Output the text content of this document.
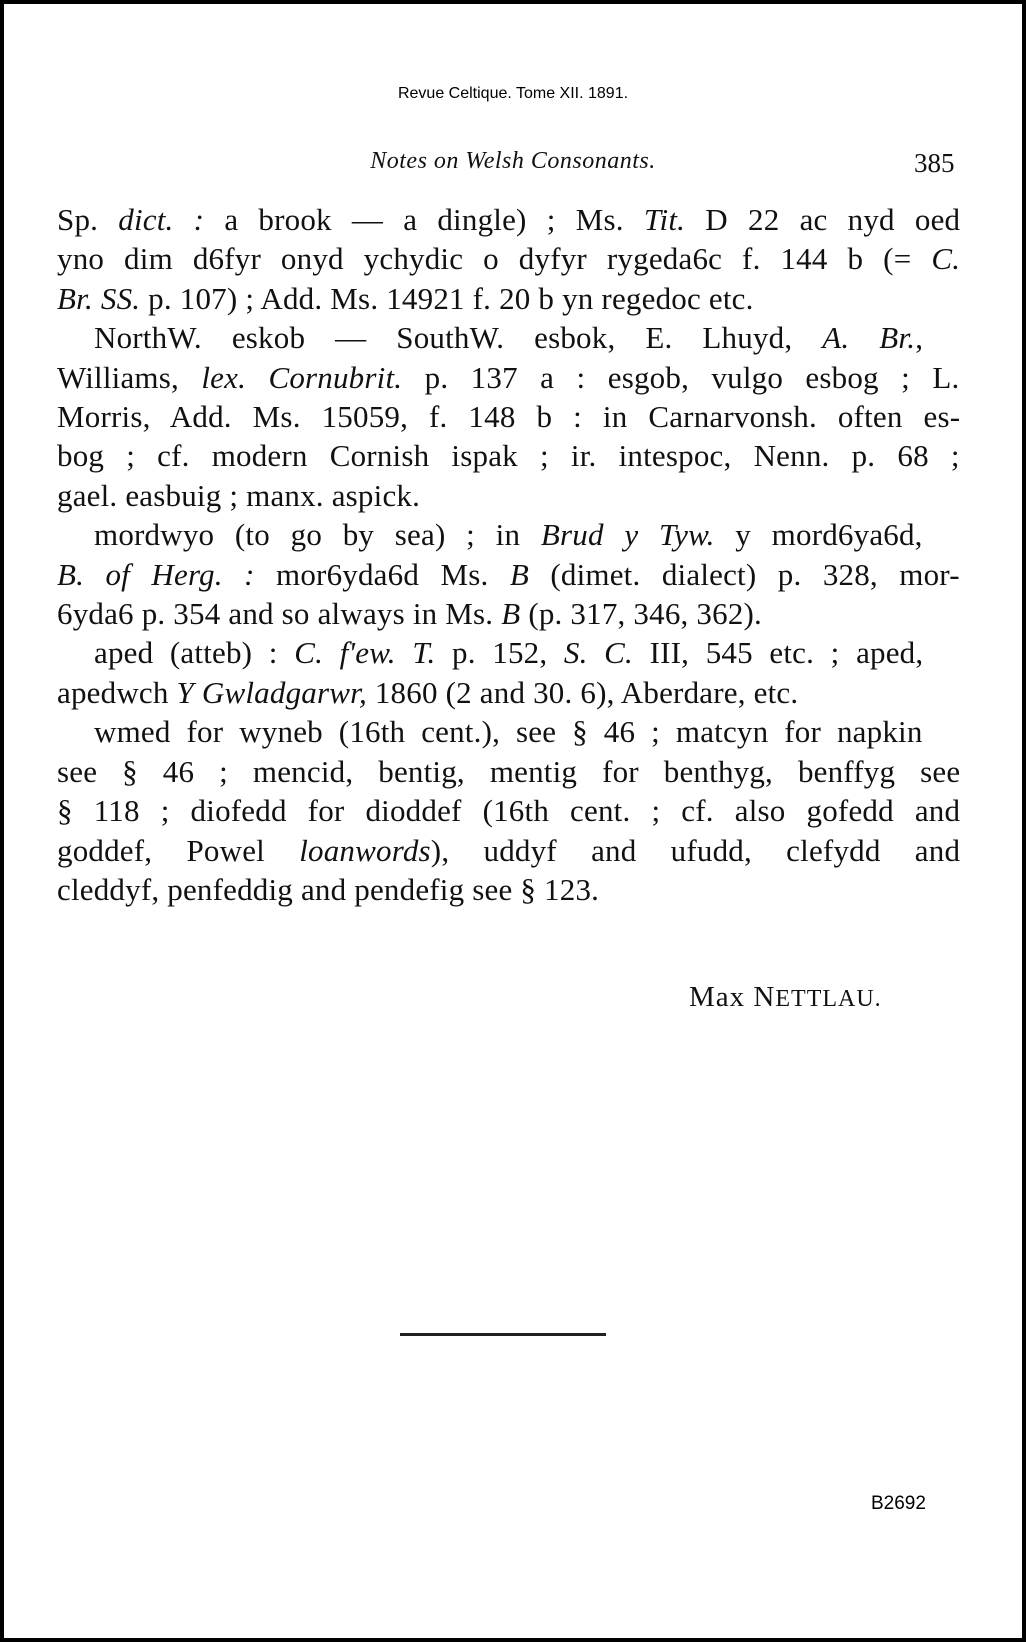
Revue Celtique. Tome XII. 1891.
Notes on Welsh Consonants.	385

Sp. dict. : a brook — a dingle) ; Ms. Tit. D 22 ac nyd oed
yno dim d6fyr onyd ychydic o dyfyr rygeda6c f. 144 b (= C.
Br. SS. p. 107) ; Add. Ms. 14921 f. 20 b yn regedoc etc.

NorthW. eskob — SouthW. esbok, E. Lhuyd, A. Br.,
Williams, lex. Cornubrit. p. 137 a : esgob, vulgo esbog ; L.
Morris, Add. Ms. 15059, f. 148 b : in Carnarvonsh. often es-
bog ; cf. modern Cornish ispak ; ir. intespoc, Nenn. p. 68 ;
gael. easbuig ; manx. aspick.

mordwyo (to go by sea) ; in Brud y Tyw. y mord6ya6d,
B. of Herg. : mor6yda6d Ms. B (dimet. dialect) p. 328, mor-
6yda6 p. 354 and so always in Ms. B (p. 317, 346, 362).

aped (atteb) : C. f'ew. T. p. 152, S. C. III, 545 etc. ; aped,
apedwch Y Gwladgarwr, 1860 (2 and 30. 6), Aberdare, etc.

wmed for wyneb (16th cent.), see § 46 ; matcyn for napkin
see § 46 ; mencid, bentig, mentig for benthyg, benffyg see
§ 118 ; diofedd for dioddef (16th cent. ; cf. also gofedd and
goddef, Powel loanwords), uddyf and ufudd, clefydd and
cleddyf, penfeddig and pendefig see § 123.

Max NETTLAU.
B2692
